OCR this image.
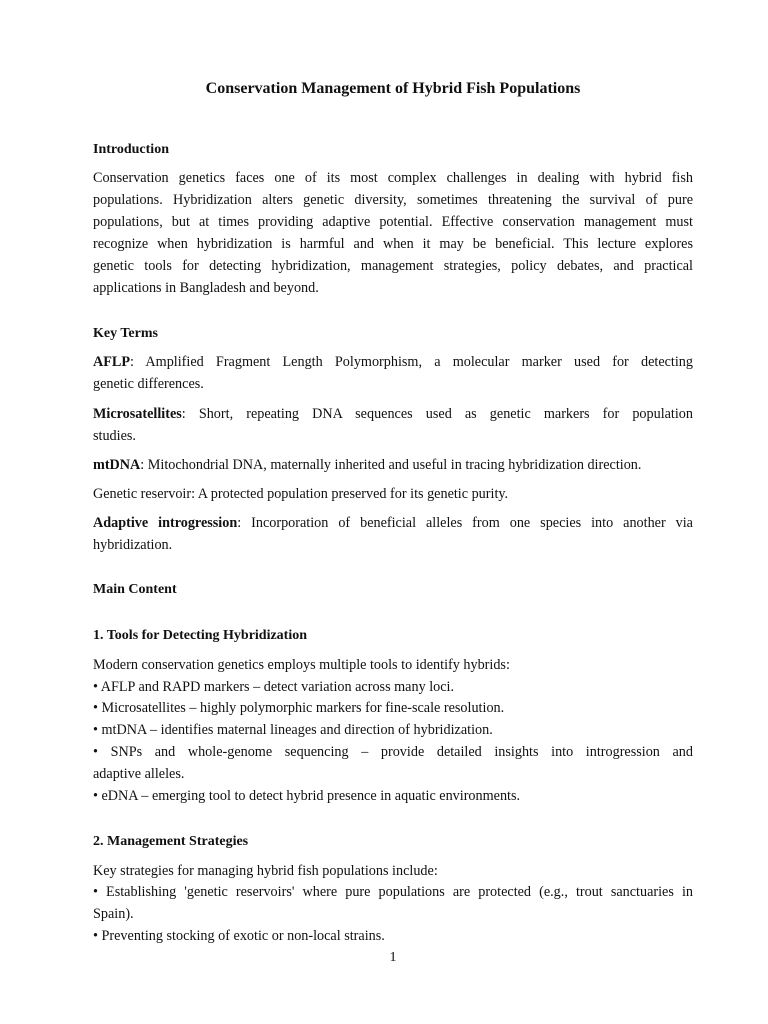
Conservation Management of Hybrid Fish Populations
Introduction
Conservation genetics faces one of its most complex challenges in dealing with hybrid fish
populations. Hybridization alters genetic diversity, sometimes threatening the survival of pure
populations, but at times providing adaptive potential. Effective conservation management must
recognize when hybridization is harmful and when it may be beneficial. This lecture explores
genetic tools for detecting hybridization, management strategies, policy debates, and practical
applications in Bangladesh and beyond.
Key Terms
AFLP: Amplified Fragment Length Polymorphism, a molecular marker used for detecting
genetic differences.
Microsatellites: Short, repeating DNA sequences used as genetic markers for population
studies.
mtDNA: Mitochondrial DNA, maternally inherited and useful in tracing hybridization direction.
Genetic reservoir: A protected population preserved for its genetic purity.
Adaptive introgression: Incorporation of beneficial alleles from one species into another via
hybridization.
Main Content
1. Tools for Detecting Hybridization
Modern conservation genetics employs multiple tools to identify hybrids:
• AFLP and RAPD markers – detect variation across many loci.
• Microsatellites – highly polymorphic markers for fine-scale resolution.
• mtDNA – identifies maternal lineages and direction of hybridization.
• SNPs and whole-genome sequencing – provide detailed insights into introgression and
adaptive alleles.
• eDNA – emerging tool to detect hybrid presence in aquatic environments.
2. Management Strategies
Key strategies for managing hybrid fish populations include:
• Establishing 'genetic reservoirs' where pure populations are protected (e.g., trout sanctuaries in
Spain).
• Preventing stocking of exotic or non-local strains.
1
